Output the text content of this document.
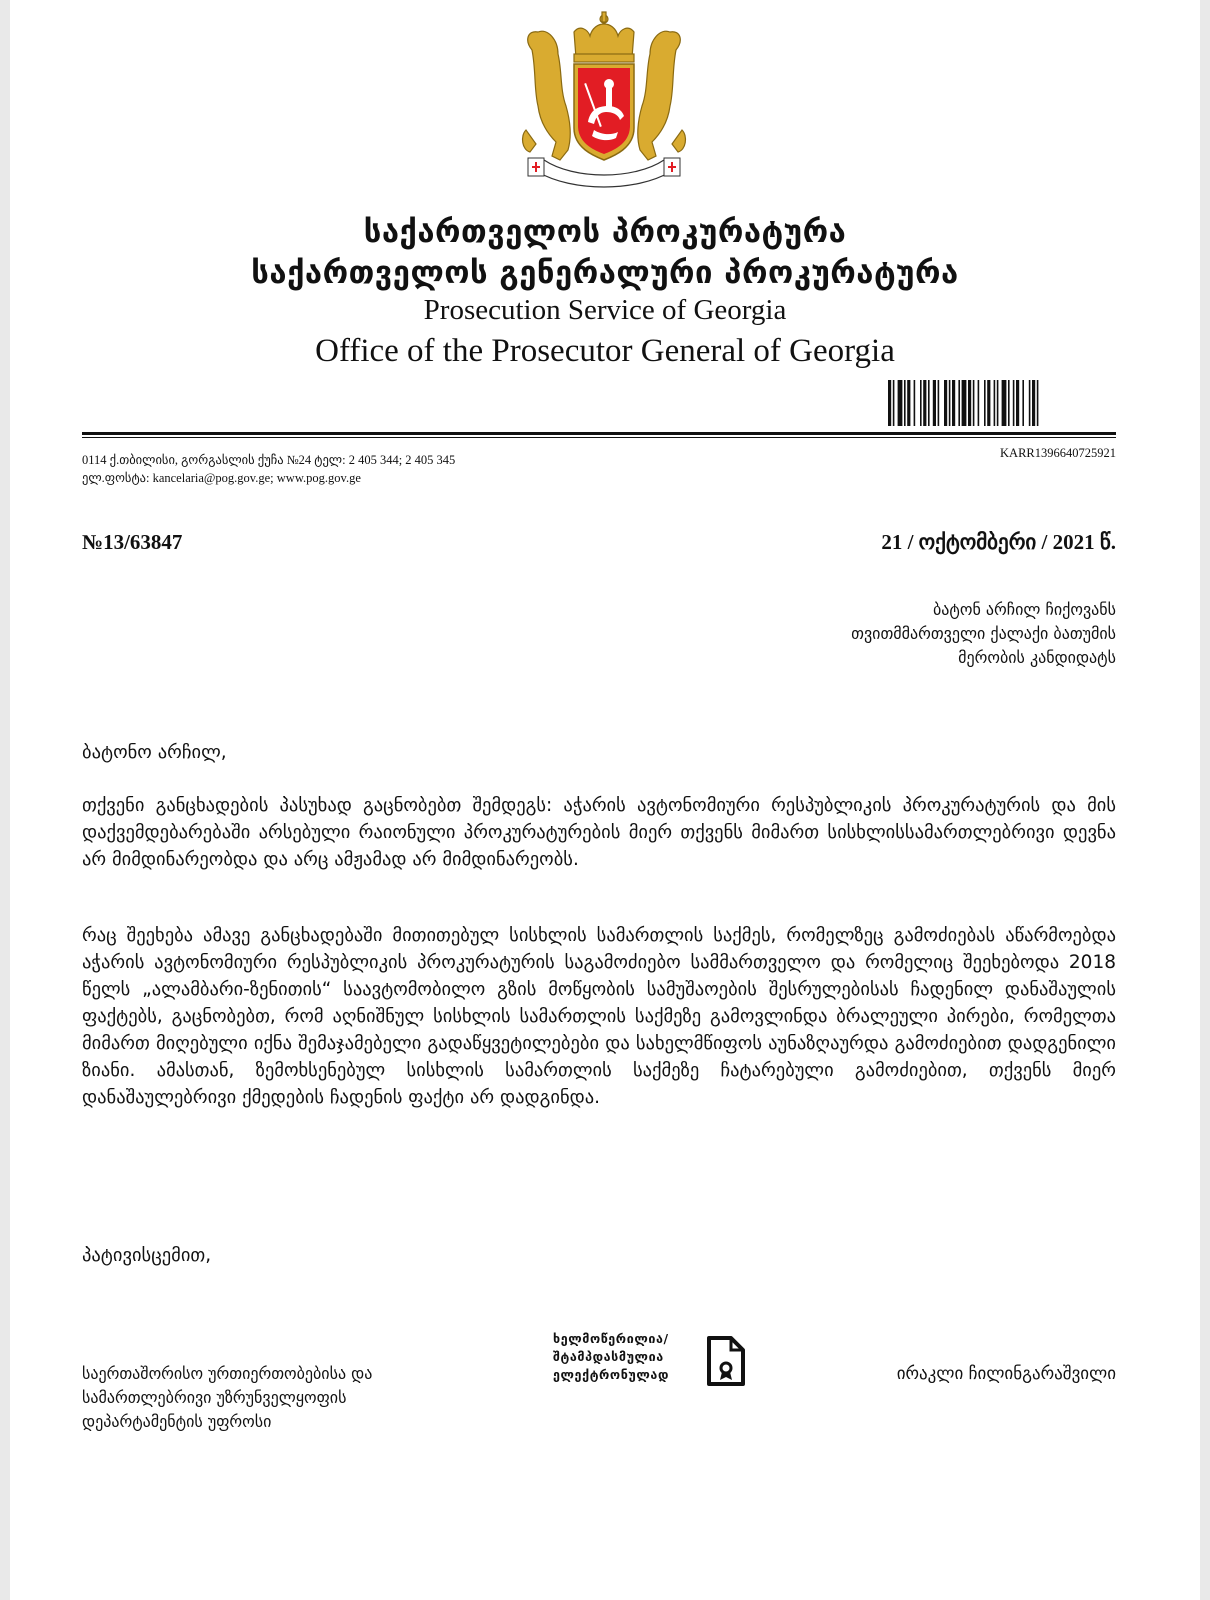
საქართველოს პროკურატურა
საქართველოს გენერალური პროკურატურა
Prosecution Service of Georgia
Office of the Prosecutor General of Georgia
KARR1396640725921
0114 ქ.თბილისი, გორგასლის ქუჩა №24 ტელ: 2 405 344; 2 405 345
ელ.ფოსტა: kancelaria@pog.gov.ge; www.pog.gov.ge
№13/63847	21 / ოქტომბერი / 2021 წ.
ბატონ არჩილ ჩიქოვანს
თვითმმართველი ქალაქი ბათუმის
მერობის კანდიდატს
ბატონო არჩილ,
თქვენი განცხადების პასუხად გაცნობებთ შემდეგს: აჭარის ავტონომიური რესპუბლიკის პროკურატურის და მის დაქვემდებარებაში არსებული რაიონული პროკურატურების მიერ თქვენს მიმართ სისხლისსამართლებრივი დევნა არ მიმდინარეობდა და არც ამჟამად არ მიმდინარეობს.
რაც შეეხება ამავე განცხადებაში მითითებულ სისხლის სამართლის საქმეს, რომელზეც გამოძიებას აწარმოებდა აჭარის ავტონომიური რესპუბლიკის პროკურატურის საგამოძიებო სამმართველო და რომელიც შეეხებოდა 2018 წელს „ალამბარი-ზენითის“ საავტომობილო გზის მოწყობის სამუშაოების შესრულებისას ჩადენილ დანაშაულის ფაქტებს, გაცნობებთ, რომ აღნიშნულ სისხლის სამართლის საქმეზე გამოვლინდა ბრალეული პირები, რომელთა მიმართ მიღებული იქნა შემაჯამებელი გადაწყვეტილებები და სახელმწიფოს აუნაზღაურდა გამოძიებით დადგენილი ზიანი. ამასთან, ზემოხსენებულ სისხლის სამართლის საქმეზე ჩატარებული გამოძიებით, თქვენს მიერ დანაშაულებრივი ქმედების ჩადენის ფაქტი არ დადგინდა.
პატივისცემით,
საერთაშორისო ურთიერთობებისა და
სამართლებრივი უზრუნველყოფის
დეპარტამენტის უფროსი
ხელმოწერილია/
შტამპდასმულია
ელექტრონულად	ირაკლი ჩილინგარაშვილი
